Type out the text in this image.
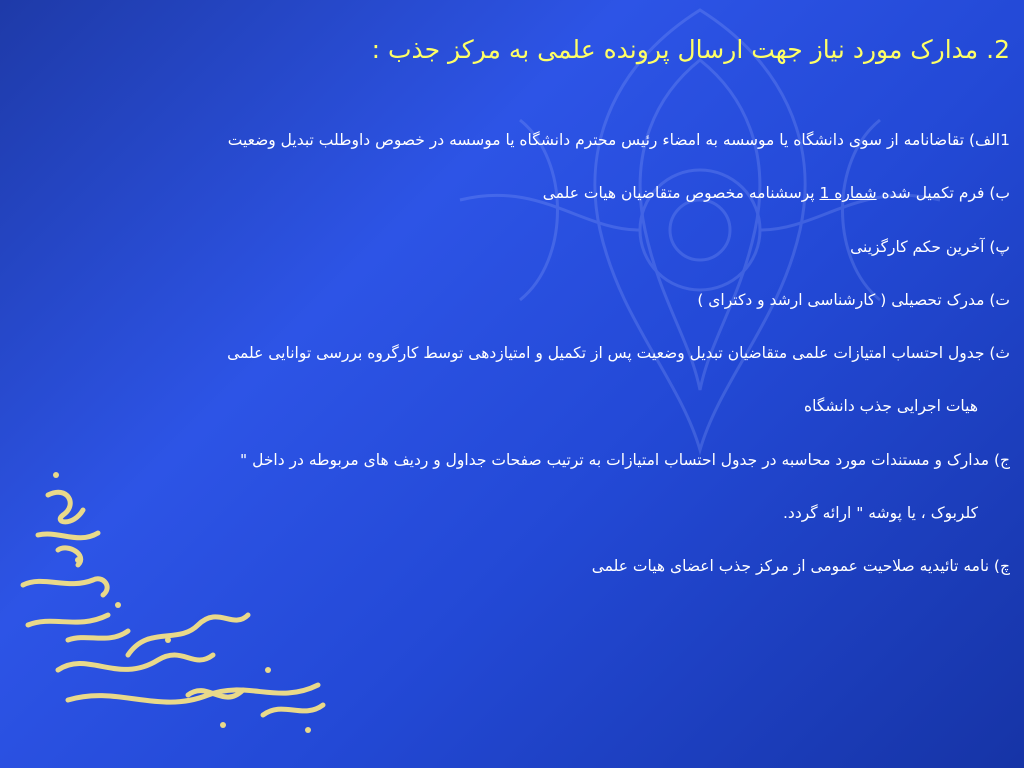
2. مدارک مورد نیاز جهت ارسال پرونده علمی به مرکز جذب :

1الف) تقاضانامه از سوی دانشگاه یا موسسه به امضاء رئیس محترم دانشگاه یا موسسه در خصوص داوطلب تبدیل وضعیت

ب) فرم تکمیل شده شماره 1 پرسشنامه مخصوص متقاضیان هیات علمی

پ) آخرین حکم کارگزینی

ت) مدرک تحصیلی ( کارشناسی ارشد و دکترای )

ث) جدول احتساب امتیازات علمی متقاضیان تبدیل وضعیت پس از تکمیل و امتیازدهی توسط کارگروه بررسی توانایی علمی

هیات اجرایی جذب دانشگاه

ج) مدارک و مستندات مورد محاسبه در جدول احتساب امتیازات به ترتیب صفحات جداول و ردیف های مربوطه در داخل "

کلربوک ، یا پوشه " ارائه گردد.

چ) نامه تائیدیه صلاحیت عمومی از مرکز جذب اعضای هیات علمی
